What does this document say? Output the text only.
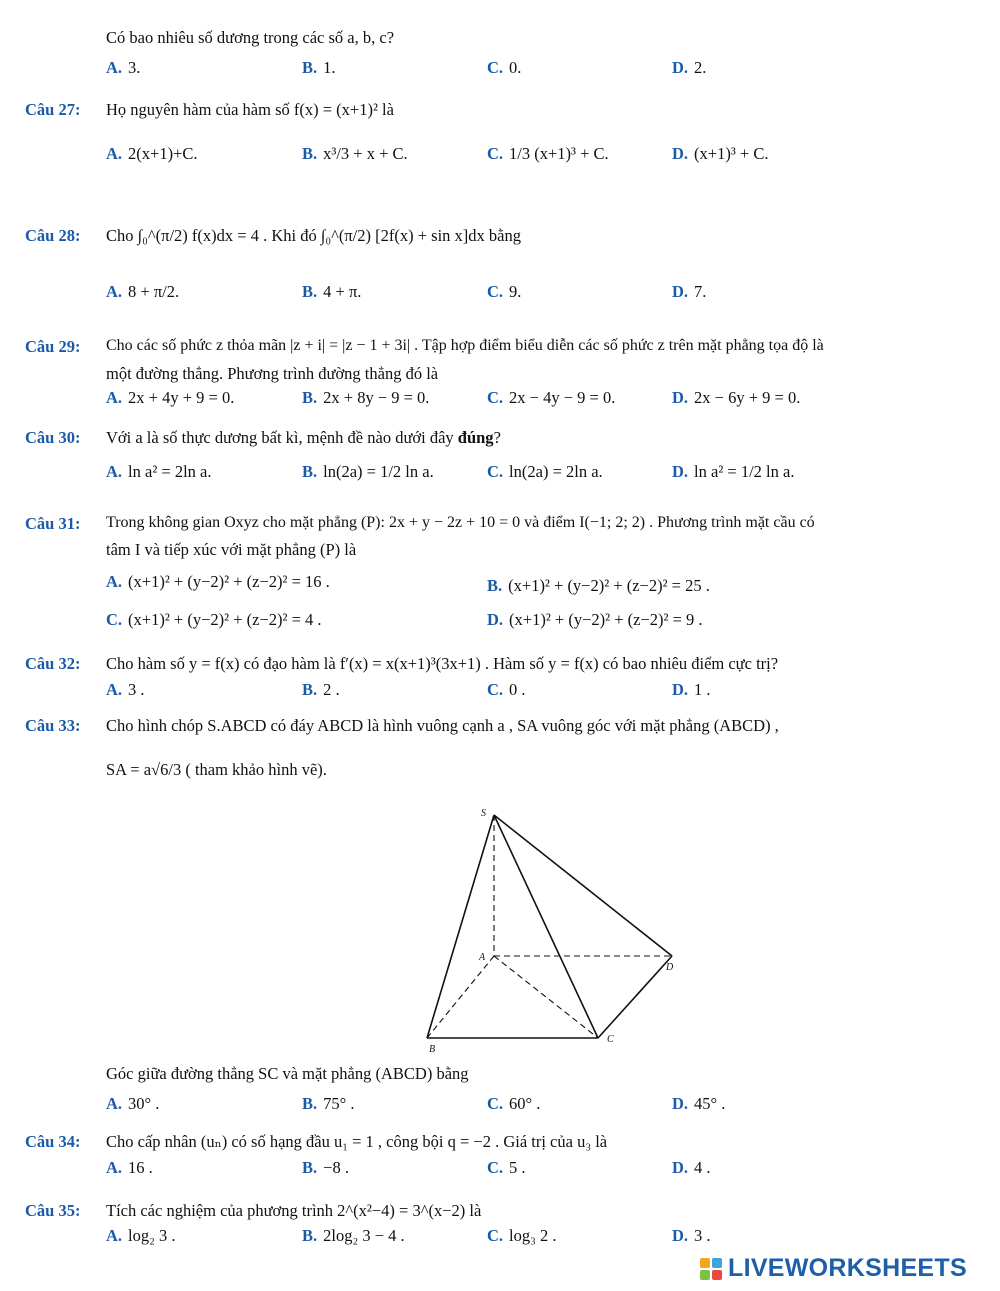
Có bao nhiêu số dương trong các số a, b, c?
A. 3.	B. 1.	C. 0.	D. 2.
Câu 27: Họ nguyên hàm của hàm số f(x) = (x+1)² là
A. 2(x+1)+C.	B. x³/3 + x + C.	C. 1/3 (x+1)³ + C.	D. (x+1)³ + C.
Câu 28: Cho ∫₀^(π/2) f(x)dx = 4 . Khi đó ∫₀^(π/2) [2f(x) + sin x]dx bằng
A. 8 + π/2.	B. 4 + π.	C. 9.	D. 7.
Câu 29: Cho các số phức z thỏa mãn |z + i| = |z − 1 + 3i| . Tập hợp điểm biểu diễn các số phức z trên mặt phẳng tọa độ là
một đường thẳng. Phương trình đường thẳng đó là
A. 2x + 4y + 9 = 0.	B. 2x + 8y − 9 = 0.	C. 2x − 4y − 9 = 0.	D. 2x − 6y + 9 = 0.
Câu 30: Với a là số thực dương bất kì, mệnh đề nào dưới đây đúng?
A. ln a² = 2ln a.	B. ln(2a) = 1/2 ln a.	C. ln(2a) = 2ln a.	D. ln a² = 1/2 ln a.
Câu 31: Trong không gian Oxyz cho mặt phẳng (P): 2x + y − 2z + 10 = 0 và điểm I(−1; 2; 2) . Phương trình mặt cầu có
tâm I và tiếp xúc với mặt phẳng (P) là
A. (x+1)² + (y−2)² + (z−2)² = 16 .	B. (x+1)² + (y−2)² + (z−2)² = 25 .
C. (x+1)² + (y−2)² + (z−2)² = 4 .	D. (x+1)² + (y−2)² + (z−2)² = 9 .
Câu 32: Cho hàm số y = f(x) có đạo hàm là f′(x) = x(x+1)³(3x+1) . Hàm số y = f(x) có bao nhiêu điểm cực trị?
A. 3 .	B. 2 .	C. 0 .	D. 1 .
Câu 33: Cho hình chóp S.ABCD có đáy ABCD là hình vuông cạnh a , SA vuông góc với mặt phẳng (ABCD) ,
SA = a√6/3 ( tham khảo hình vẽ).
S
A
B
C
D
Góc giữa đường thẳng SC và mặt phẳng (ABCD) bằng
A. 30° .	B. 75° .	C. 60° .	D. 45° .
Câu 34: Cho cấp nhân (uₙ) có số hạng đầu u₁ = 1 , công bội q = −2 . Giá trị của u₃ là
A. 16 .	B. −8 .	C. 5 .	D. 4 .
Câu 35: Tích các nghiệm của phương trình 2^(x²−4) = 3^(x−2) là
A. log₂ 3 .	B. 2log₂ 3 − 4 .	C. log₃ 2 .	D. 3 .
LIVEWORKSHEETS
